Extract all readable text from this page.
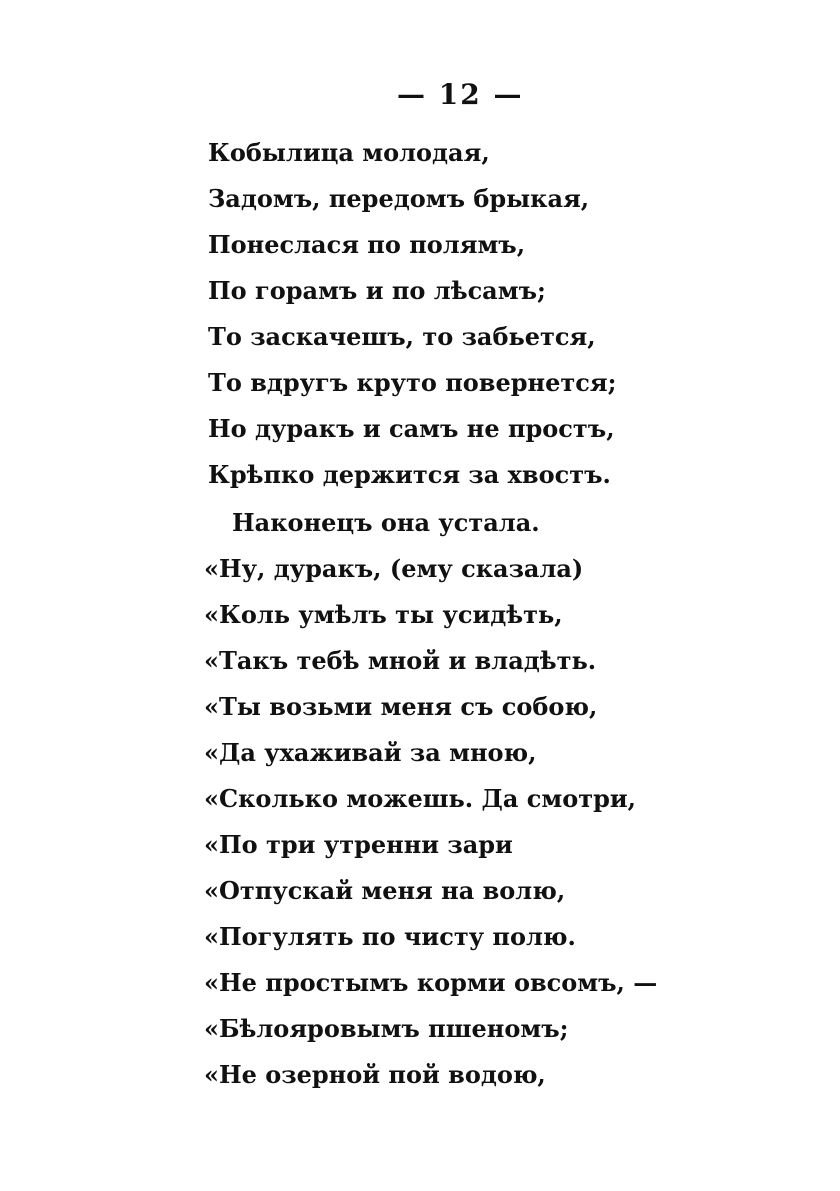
— 12 —
Кобылица молодая,
Задомъ, передомъ брыкая,
Понеслася по полямъ,
По горамъ и по лѣсамъ;
То заскачешъ, то забьется,
То вдругъ круто повернется;
Но дуракъ и самъ не простъ,
Крѣпко держится за хвостъ.
Наконецъ она устала.
«Ну, дуракъ, (ему сказала)
«Коль умѣлъ ты усидѣть,
«Такъ тебѣ мной и владѣть.
«Ты возьми меня съ собою,
«Да ухаживай за мною,
«Сколько можешь. Да смотри,
«По три утренни зари
«Отпускай меня на волю,
«Погулять по чисту полю.
«Не простымъ корми овсомъ, —
«Бѣлояровымъ пшеномъ;
«Не озерной пой водою,
